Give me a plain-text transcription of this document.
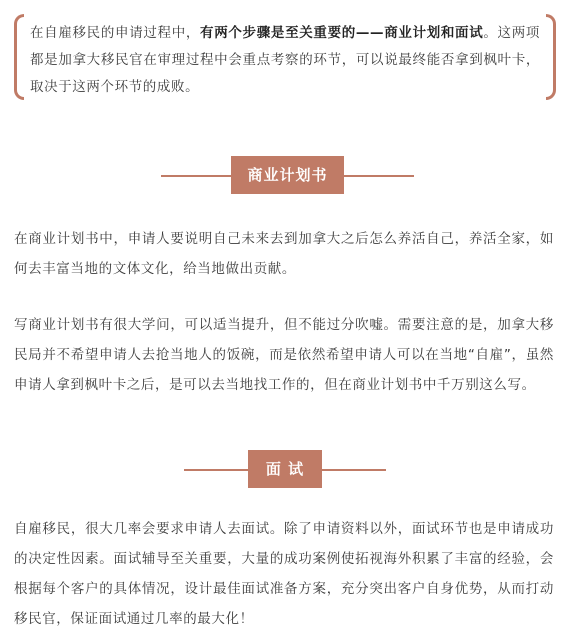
在自雇移民的申请过程中，有两个步骤是至关重要的——商业计划和面试。这两项都是加拿大移民官在审理过程中会重点考察的环节，可以说最终能否拿到枫叶卡，取决于这两个环节的成败。

商业计划书

在商业计划书中，申请人要说明自己未来去到加拿大之后怎么养活自己，养活全家，如何去丰富当地的文体文化，给当地做出贡献。

写商业计划书有很大学问，可以适当提升，但不能过分吹嘘。需要注意的是，加拿大移民局并不希望申请人去抢当地人的饭碗，而是依然希望申请人可以在当地“自雇”，虽然申请人拿到枫叶卡之后，是可以去当地找工作的，但在商业计划书中千万别这么写。

面 试

自雇移民，很大几率会要求申请人去面试。除了申请资料以外，面试环节也是申请成功的决定性因素。面试辅导至关重要，大量的成功案例使拓视海外积累了丰富的经验，会根据每个客户的具体情况，设计最佳面试准备方案，充分突出客户自身优势，从而打动移民官，保证面试通过几率的最大化！
